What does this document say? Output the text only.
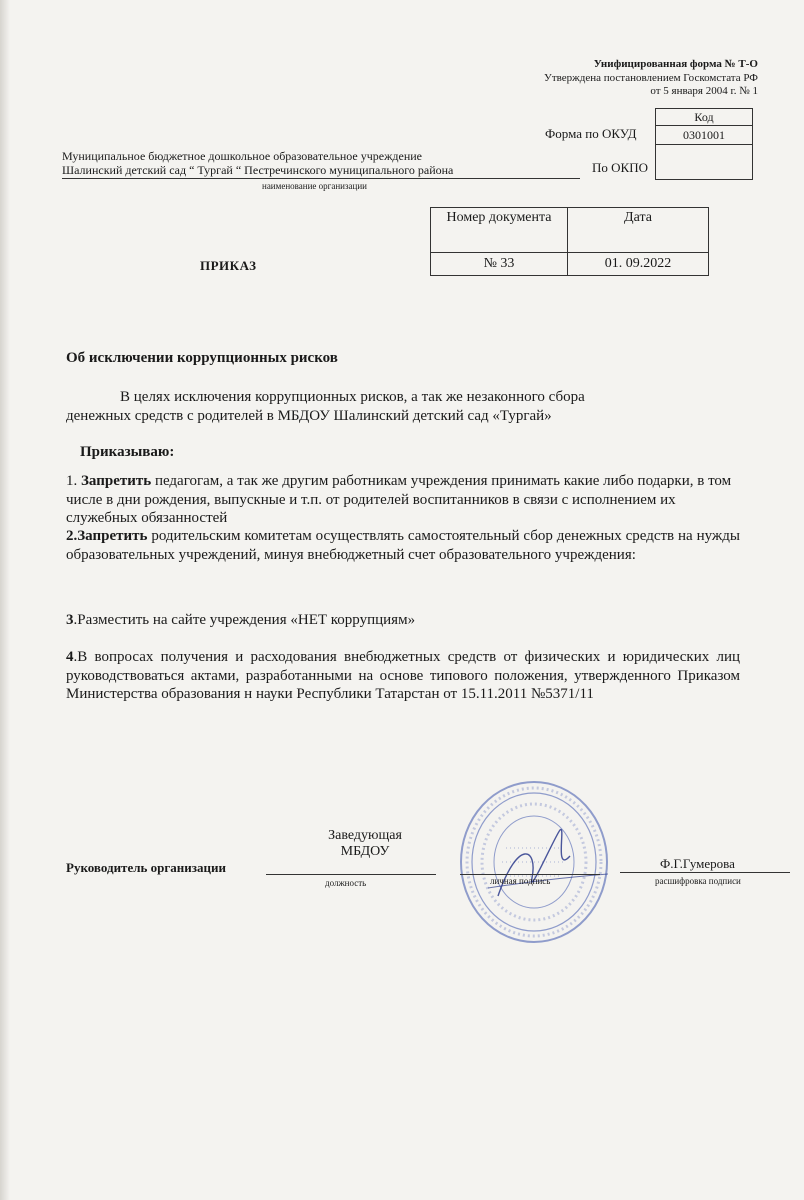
Унифицированная форма № Т-О
Утверждена постановлением Госкомстата РФ
от 5 января 2004 г. № 1
Форма по ОКУД
По ОКПО
Код
0301001

Муниципальное бюджетное дошкольное образовательное учреждение
Шалинский детский сад “ Тургай “ Пестречинского муниципального района
наименование организации
Номер документа	Дата
№ 33	01. 09.2022
ПРИКАЗ
Об исключении коррупционных рисков
В целях исключения коррупционных рисков, а так же незаконного сбора
денежных средств с родителей в МБДОУ Шалинский детский сад «Тургай»
Приказываю:
1. Запретить педагогам, а так же другим работникам учреждения принимать какие либо подарки, в том числе в дни рождения, выпускные и т.п. от родителей воспитанников в связи с исполнением их служебных обязанностей
2.Запретить родительским комитетам осуществлять самостоятельный сбор денежных средств на нужды образовательных учреждений, минуя внебюджетный счет образовательного учреждения:
3.Разместить на сайте учреждения «НЕТ коррупциям»
4.В вопросах получения и расходования внебюджетных средств от физических и юридических лиц руководствоваться актами, разработанными на основе типового положения, утвержденного Приказом Министерства образования н науки Республики Татарстан от 15.11.2011 №5371/11
Заведующая
МБДОУ
Руководитель организации
должность	личная подпись
Ф.Г.Гумерова
расшифровка подписи
